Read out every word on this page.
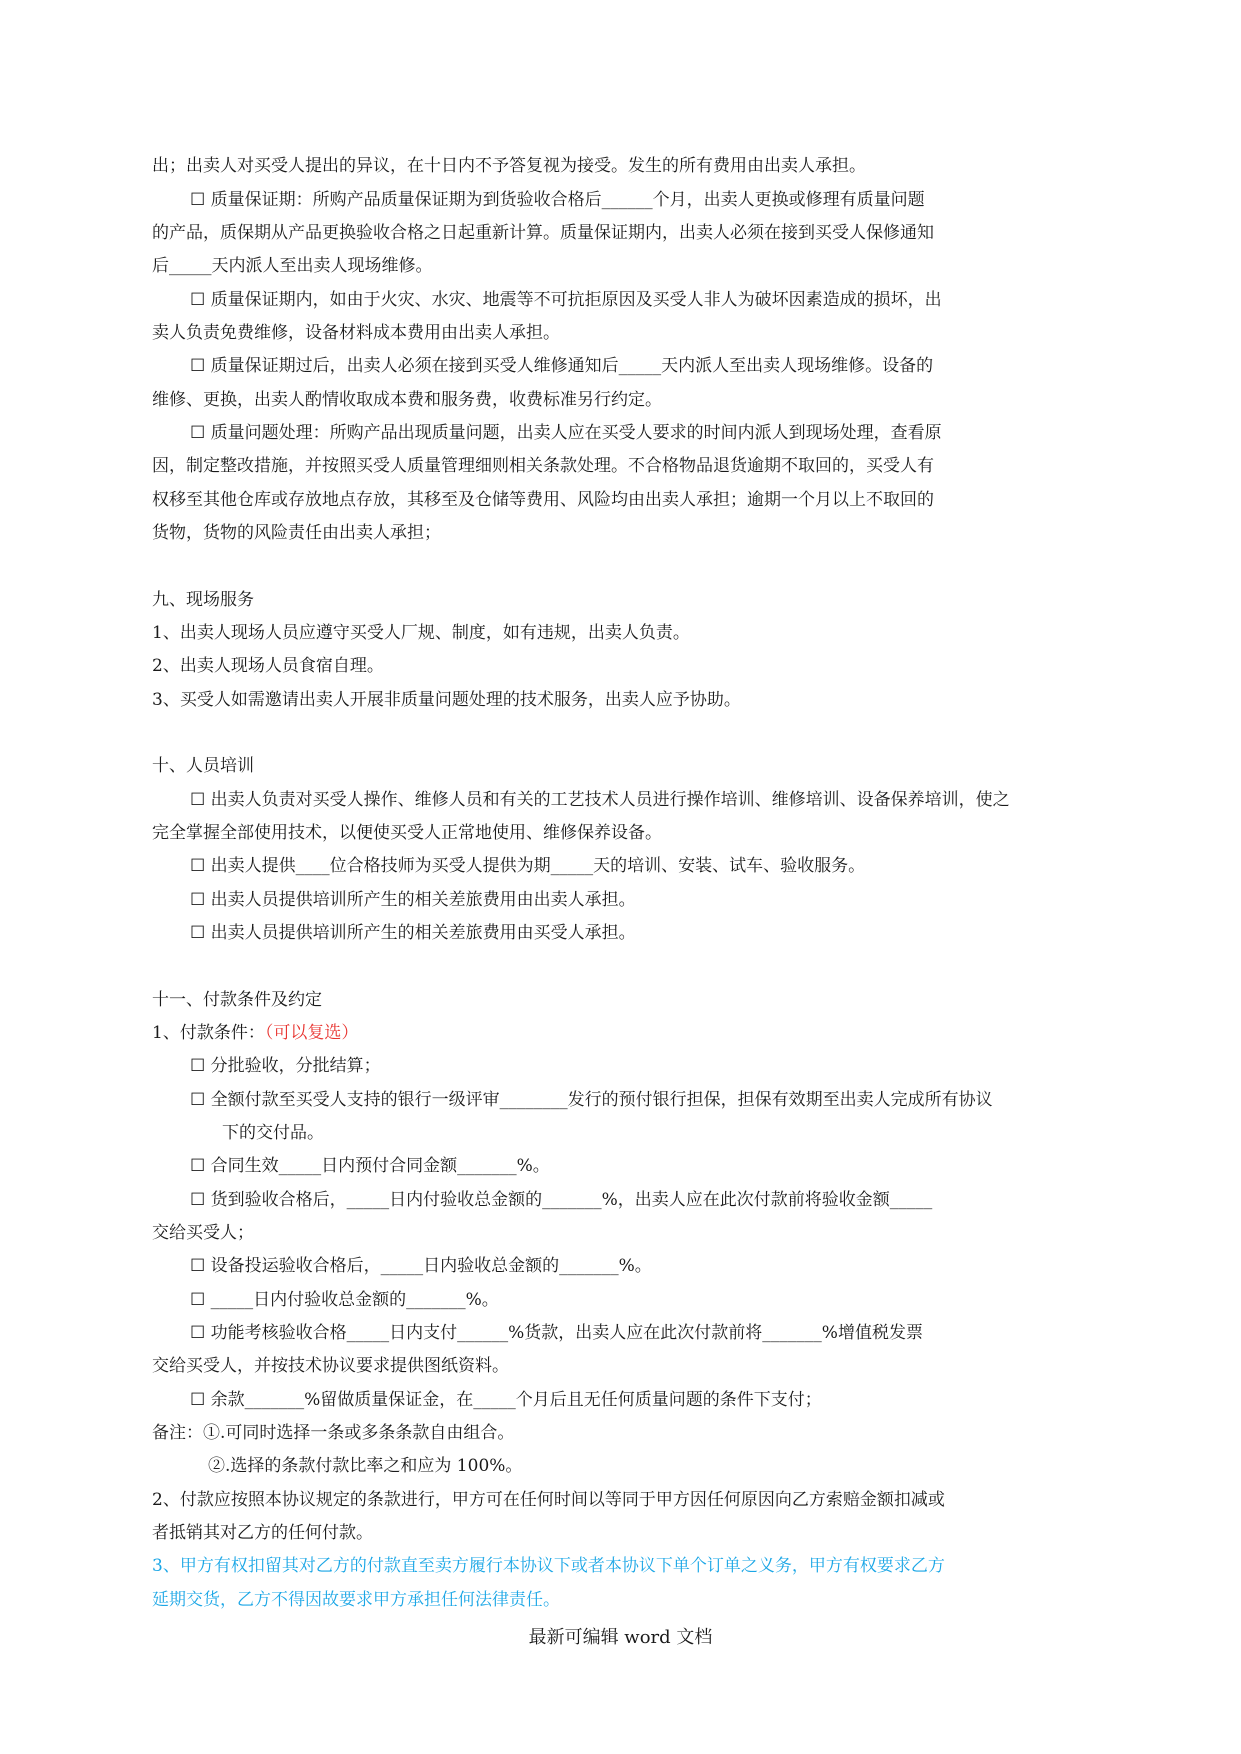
出；出卖人对买受人提出的异议，在十日内不予答复视为接受。发生的所有费用由出卖人承担。
☐ 质量保证期：所购产品质量保证期为到货验收合格后______个月，出卖人更换或修理有质量问题
的产品，质保期从产品更换验收合格之日起重新计算。质量保证期内，出卖人必须在接到买受人保修通知
后_____天内派人至出卖人现场维修。
☐ 质量保证期内，如由于火灾、水灾、地震等不可抗拒原因及买受人非人为破坏因素造成的损坏，出
卖人负责免费维修，设备材料成本费用由出卖人承担。
☐ 质量保证期过后，出卖人必须在接到买受人维修通知后_____天内派人至出卖人现场维修。设备的
维修、更换，出卖人酌情收取成本费和服务费，收费标准另行约定。
☐ 质量问题处理：所购产品出现质量问题，出卖人应在买受人要求的时间内派人到现场处理，查看原
因，制定整改措施，并按照买受人质量管理细则相关条款处理。不合格物品退货逾期不取回的，买受人有
权移至其他仓库或存放地点存放，其移至及仓储等费用、风险均由出卖人承担；逾期一个月以上不取回的
货物，货物的风险责任由出卖人承担；
九、现场服务
1、出卖人现场人员应遵守买受人厂规、制度，如有违规，出卖人负责。
2、出卖人现场人员食宿自理。
3、买受人如需邀请出卖人开展非质量问题处理的技术服务，出卖人应予协助。
十、人员培训
☐ 出卖人负责对买受人操作、维修人员和有关的工艺技术人员进行操作培训、维修培训、设备保养培训，使之
完全掌握全部使用技术，以便使买受人正常地使用、维修保养设备。
☐ 出卖人提供____位合格技师为买受人提供为期_____天的培训、安装、试车、验收服务。
☐ 出卖人员提供培训所产生的相关差旅费用由出卖人承担。
☐ 出卖人员提供培训所产生的相关差旅费用由买受人承担。
十一、付款条件及约定
1、付款条件：（可以复选）
☐ 分批验收，分批结算；
☐ 全额付款至买受人支持的银行一级评审________发行的预付银行担保，担保有效期至出卖人完成所有协议
下的交付品。
☐ 合同生效_____日内预付合同金额_______%。
☐ 货到验收合格后，_____日内付验收总金额的_______%，出卖人应在此次付款前将验收金额_____
交给买受人；
☐ 设备投运验收合格后，_____日内验收总金额的_______%。
☐ _____日内付验收总金额的_______%。
☐ 功能考核验收合格_____日内支付______%货款，出卖人应在此次付款前将_______%增值税发票
交给买受人，并按技术协议要求提供图纸资料。
☐ 余款_______%留做质量保证金，在_____个月后且无任何质量问题的条件下支付；
备注：①.可同时选择一条或多条条款自由组合。
②.选择的条款付款比率之和应为 100%。
2、付款应按照本协议规定的条款进行，甲方可在任何时间以等同于甲方因任何原因向乙方索赔金额扣减或
者抵销其对乙方的任何付款。
3、甲方有权扣留其对乙方的付款直至卖方履行本协议下或者本协议下单个订单之义务，甲方有权要求乙方
延期交货，乙方不得因故要求甲方承担任何法律责任。
最新可编辑 word 文档
